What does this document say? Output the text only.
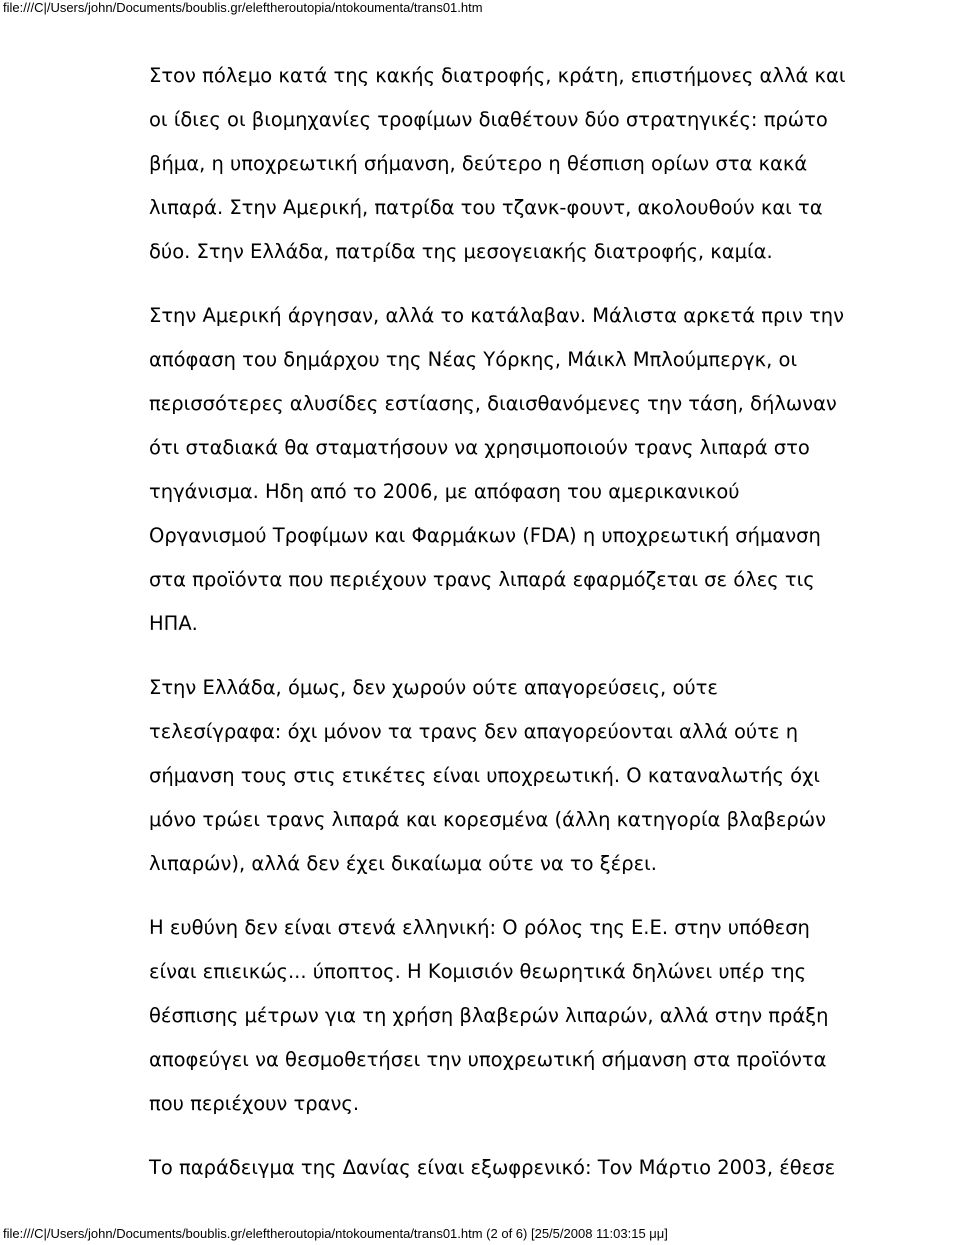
file:///C|/Users/john/Documents/boublis.gr/eleftheroutopia/ntokoumenta/trans01.htm
Στον πόλεμο κατά της κακής διατροφής, κράτη, επιστήμονες αλλά και
οι ίδιες οι βιομηχανίες τροφίμων διαθέτουν δύο στρατηγικές: πρώτο
βήμα, η υποχρεωτική σήμανση, δεύτερο η θέσπιση ορίων στα κακά
λιπαρά. Στην Αμερική, πατρίδα του τζανκ-φουντ, ακολουθούν και τα
δύο. Στην Ελλάδα, πατρίδα της μεσογειακής διατροφής, καμία.
Στην Αμερική άργησαν, αλλά το κατάλαβαν. Μάλιστα αρκετά πριν την
απόφαση του δημάρχου της Νέας Υόρκης, Μάικλ Μπλούμπεργκ, οι
περισσότερες αλυσίδες εστίασης, διαισθανόμενες την τάση, δήλωναν
ότι σταδιακά θα σταματήσουν να χρησιμοποιούν τρανς λιπαρά στο
τηγάνισμα. Ηδη από το 2006, με απόφαση του αμερικανικού
Οργανισμού Τροφίμων και Φαρμάκων (FDA) η υποχρεωτική σήμανση
στα προϊόντα που περιέχουν τρανς λιπαρά εφαρμόζεται σε όλες τις
ΗΠΑ.
Στην Ελλάδα, όμως, δεν χωρούν ούτε απαγορεύσεις, ούτε
τελεσίγραφα: όχι μόνον τα τρανς δεν απαγορεύονται αλλά ούτε η
σήμανση τους στις ετικέτες είναι υποχρεωτική. Ο καταναλωτής όχι
μόνο τρώει τρανς λιπαρά και κορεσμένα (άλλη κατηγορία βλαβερών
λιπαρών), αλλά δεν έχει δικαίωμα ούτε να το ξέρει.
Η ευθύνη δεν είναι στενά ελληνική: Ο ρόλος της Ε.Ε. στην υπόθεση
είναι επιεικώς... ύποπτος. Η Κομισιόν θεωρητικά δηλώνει υπέρ της
θέσπισης μέτρων για τη χρήση βλαβερών λιπαρών, αλλά στην πράξη
αποφεύγει να θεσμοθετήσει την υποχρεωτική σήμανση στα προϊόντα
που περιέχουν τρανς.
Το παράδειγμα της Δανίας είναι εξωφρενικό: Τον Μάρτιο 2003, έθεσε
file:///C|/Users/john/Documents/boublis.gr/eleftheroutopia/ntokoumenta/trans01.htm (2 of 6) [25/5/2008 11:03:15 μμ]
